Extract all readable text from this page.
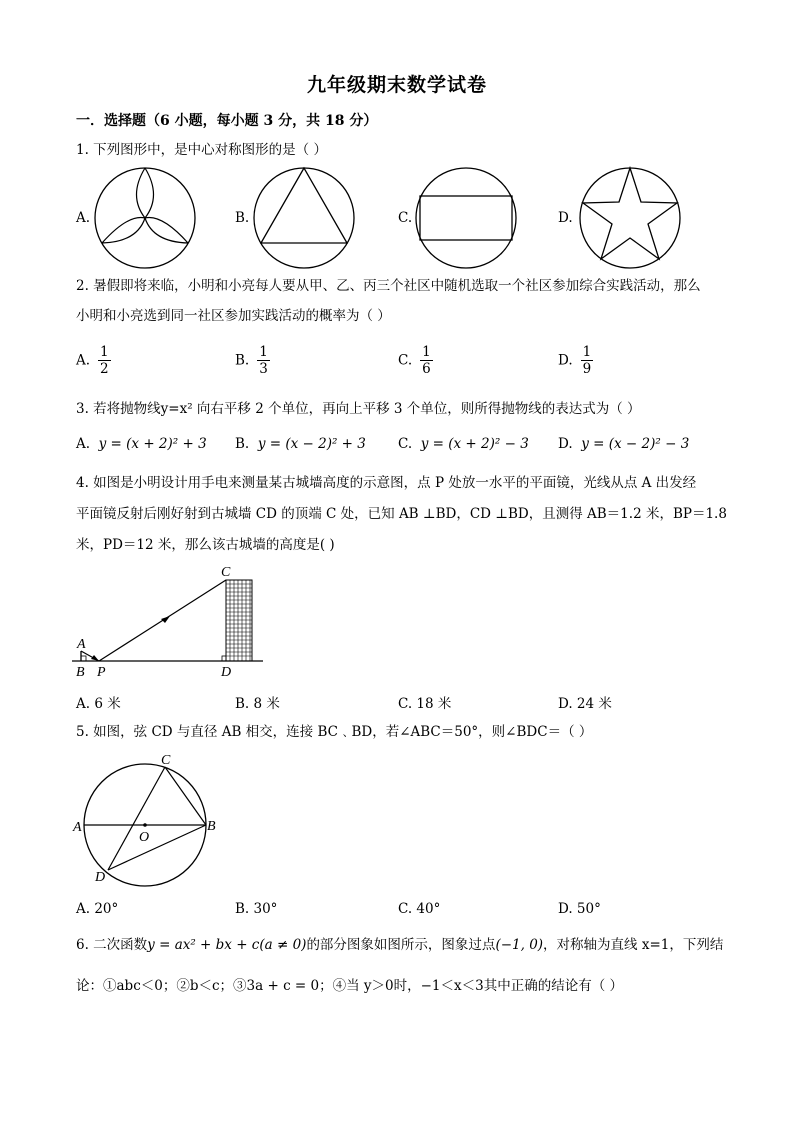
九年级期末数学试卷
一．选择题（6 小题，每小题 3 分，共 18 分）
1. 下列图形中，是中心对称图形的是（ ）
A.	B.	C.	D.
2. 暑假即将来临，小明和小亮每人要从甲、乙、丙三个社区中随机选取一个社区参加综合实践活动，那么
小明和小亮选到同一社区参加实践活动的概率为（ ）
A. $\frac{1}{2}$	B. $\frac{1}{3}$	C. $\frac{1}{6}$	D. $\frac{1}{9}$
3. 若将抛物线y=x² 向右平移 2 个单位，再向上平移 3 个单位，则所得抛物线的表达式为（ ）
A. y = (x + 2)² + 3 B. y = (x − 2)² + 3 C. y = (x + 2)² − 3 D. y = (x − 2)² − 3
4. 如图是小明设计用手电来测量某古城墙高度的示意图，点 P 处放一水平的平面镜，光线从点 A 出发经
平面镜反射后刚好射到古城墙 CD 的顶端 C 处，已知 AB ⊥BD，CD ⊥BD，且测得 AB＝1.2 米，BP＝1.8
米，PD＝12 米，那么该古城墙的高度是( )
A
B P
C
D
A. 6 米	B. 8 米	C. 18 米	D. 24 米
5. 如图，弦 CD 与直径 AB 相交，连接 BC﹑BD，若∠ABC＝50°，则∠BDC＝（ ）
A	B
C
D
O
A. 20°	B. 30°	C. 40°	D. 50°
6. 二次函数y = ax² + bx + c(a ≠ 0)的部分图象如图所示，图象过点(−1, 0)，对称轴为直线 x=1，下列结
论：①abc＜0；②b＜c；③3a + c = 0；④当 y＞0时，−1＜x＜3其中正确的结论有（ ）
